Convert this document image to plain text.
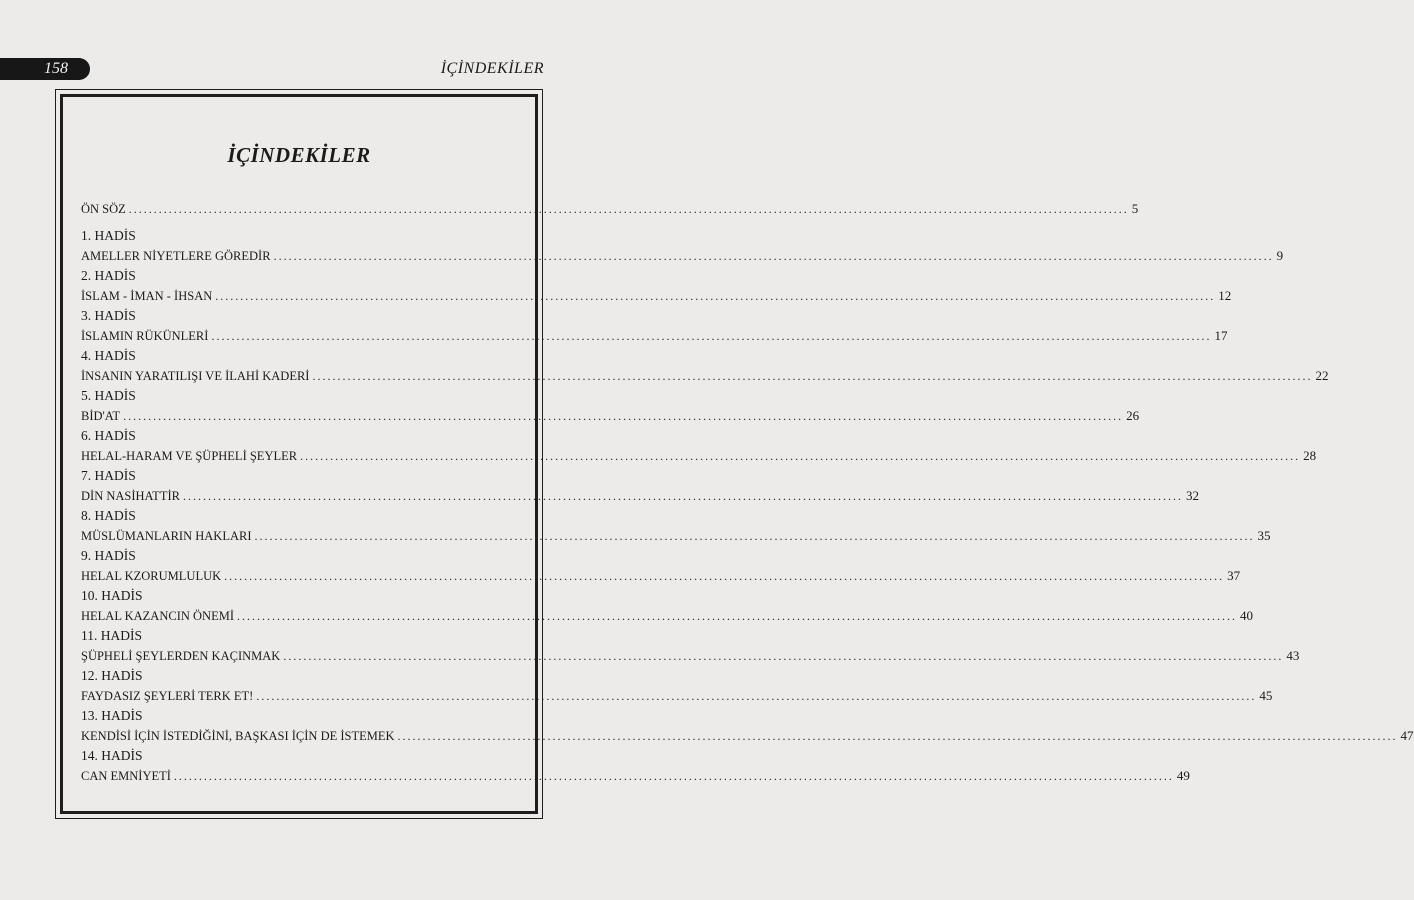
158	İÇİNDEKİLER
İÇİNDEKİLER
ÖN SÖZ ........................................................................................................................................................................................................ 5
1. HADİS
AMELLER NİYETLERE GÖREDİR ........................................................................................................................................................................................................ 9
2. HADİS
İSLAM - İMAN - İHSAN ........................................................................................................................................................................................................ 12
3. HADİS
İSLAMIN RÜKÜNLERİ ........................................................................................................................................................................................................ 17
4. HADİS
İNSANIN YARATILIŞI VE İLAHİ KADERİ ........................................................................................................................................................................................................ 22
5. HADİS
BİD'AT ........................................................................................................................................................................................................ 26
6. HADİS
HELAL-HARAM VE ŞÜPHELİ ŞEYLER ........................................................................................................................................................................................................ 28
7. HADİS
DİN NASİHATTİR ........................................................................................................................................................................................................ 32
8. HADİS
MÜSLÜMANLARIN HAKLARI ........................................................................................................................................................................................................ 35
9. HADİS
HELAL KZORUMLULUK ........................................................................................................................................................................................................ 37
10. HADİS
HELAL KAZANCIN ÖNEMİ ........................................................................................................................................................................................................ 40
11. HADİS
ŞÜPHELİ ŞEYLERDEN KAÇINMAK ........................................................................................................................................................................................................ 43
12. HADİS
FAYDASIZ ŞEYLERİ TERK ET! ........................................................................................................................................................................................................ 45
13. HADİS
KENDİSİ İÇİN İSTEDİĞİNİ, BAŞKASI İÇİN DE İSTEMEK ........................................................................................................................................................................................................ 47
14. HADİS
CAN EMNİYETİ ........................................................................................................................................................................................................ 49
